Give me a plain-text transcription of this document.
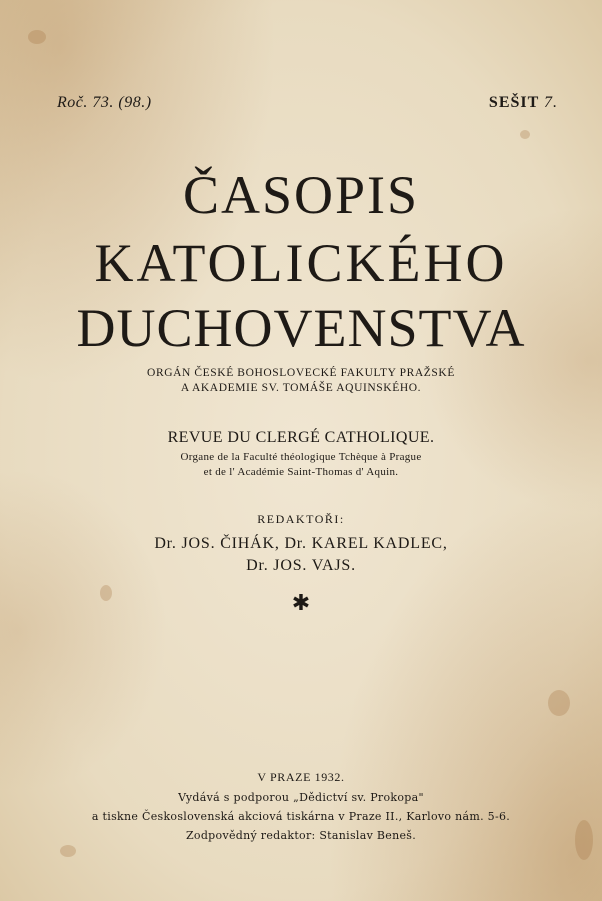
Roč. 73. (98.)	SEŠIT 7.
ČASOPIS
KATOLICKÉHO
DUCHOVENSTVA
ORGÁN ČESKÉ BOHOSLOVECKÉ FAKULTY PRAŽSKÉ
A AKADEMIE SV. TOMÁŠE AQUINSKÉHO.
REVUE DU CLERGÉ CATHOLIQUE.
Organe de la Faculté théologique Tchèque à Prague
et de l' Académie Saint-Thomas d' Aquin.
REDAKTOŘI:
Dr. JOS. ČIHÁK, Dr. KAREL KADLEC,
Dr. JOS. VAJS.
✱
V PRAZE 1932.
Vydává s podporou „Dědictví sv. Prokopa"
a tiskne Československá akciová tiskárna v Praze II., Karlovo nám. 5-6.
Zodpovědný redaktor: Stanislav Beneš.
